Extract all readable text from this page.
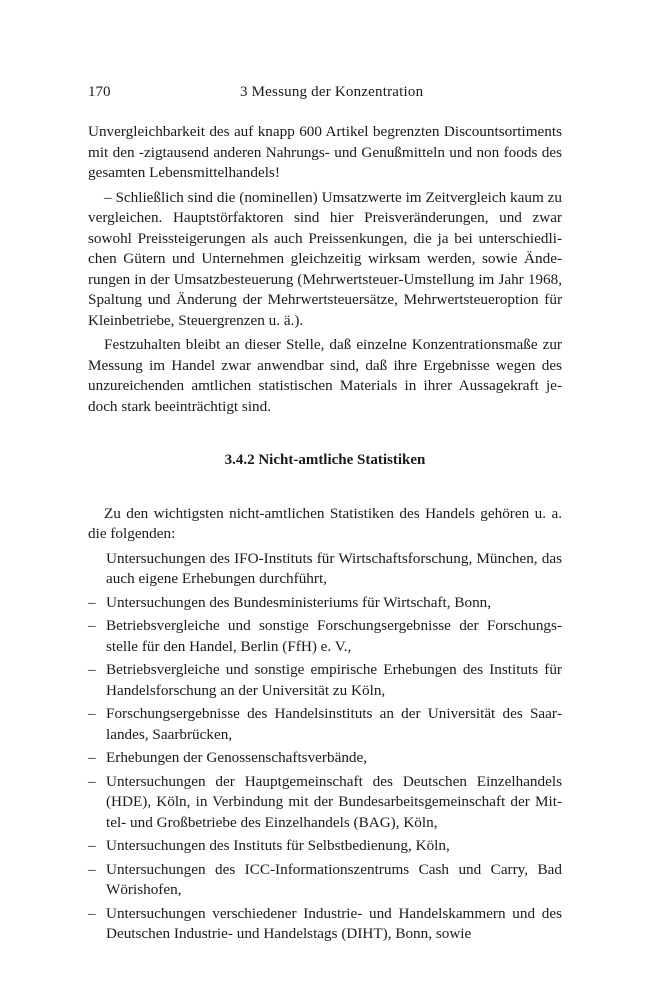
170	3 Messung der Konzentration

Unvergleichbarkeit des auf knapp 600 Artikel begrenzten Discountsortiments mit den -zigtausend anderen Nahrungs- und Genußmitteln und non foods des gesamten Lebensmittelhandels!

– Schließlich sind die (nominellen) Umsatzwerte im Zeitvergleich kaum zu vergleichen. Hauptstörfaktoren sind hier Preisveränderungen, und zwar sowohl Preissteigerungen als auch Preissenkungen, die ja bei unterschiedlichen Gütern und Unternehmen gleichzeitig wirksam werden, sowie Änderungen in der Umsatzbesteuerung (Mehrwertsteuer-Umstellung im Jahr 1968, Spaltung und Änderung der Mehrwertsteuersätze, Mehrwertsteueroption für Kleinbetriebe, Steuergrenzen u. ä.).

Festzuhalten bleibt an dieser Stelle, daß einzelne Konzentrationsmaße zur Messung im Handel zwar anwendbar sind, daß ihre Ergebnisse wegen des unzureichenden amtlichen statistischen Materials in ihrer Aussagekraft jedoch stark beeinträchtigt sind.

3.4.2 Nicht-amtliche Statistiken

Zu den wichtigsten nicht-amtlichen Statistiken des Handels gehören u. a. die folgenden:

Untersuchungen des IFO-Instituts für Wirtschaftsforschung, München, das auch eigene Erhebungen durchführt,
– Untersuchungen des Bundesministeriums für Wirtschaft, Bonn,
– Betriebsvergleiche und sonstige Forschungsergebnisse der Forschungsstelle für den Handel, Berlin (FfH) e. V.,
– Betriebsvergleiche und sonstige empirische Erhebungen des Instituts für Handelsforschung an der Universität zu Köln,
– Forschungsergebnisse des Handelsinstituts an der Universität des Saarlandes, Saarbrücken,
– Erhebungen der Genossenschaftsverbände,
– Untersuchungen der Hauptgemeinschaft des Deutschen Einzelhandels (HDE), Köln, in Verbindung mit der Bundesarbeitsgemeinschaft der Mittel- und Großbetriebe des Einzelhandels (BAG), Köln,
– Untersuchungen des Instituts für Selbstbedienung, Köln,
– Untersuchungen des ICC-Informationszentrums Cash und Carry, Bad Wörishofen,
– Untersuchungen verschiedener Industrie- und Handelskammern und des Deutschen Industrie- und Handelstags (DIHT), Bonn, sowie
